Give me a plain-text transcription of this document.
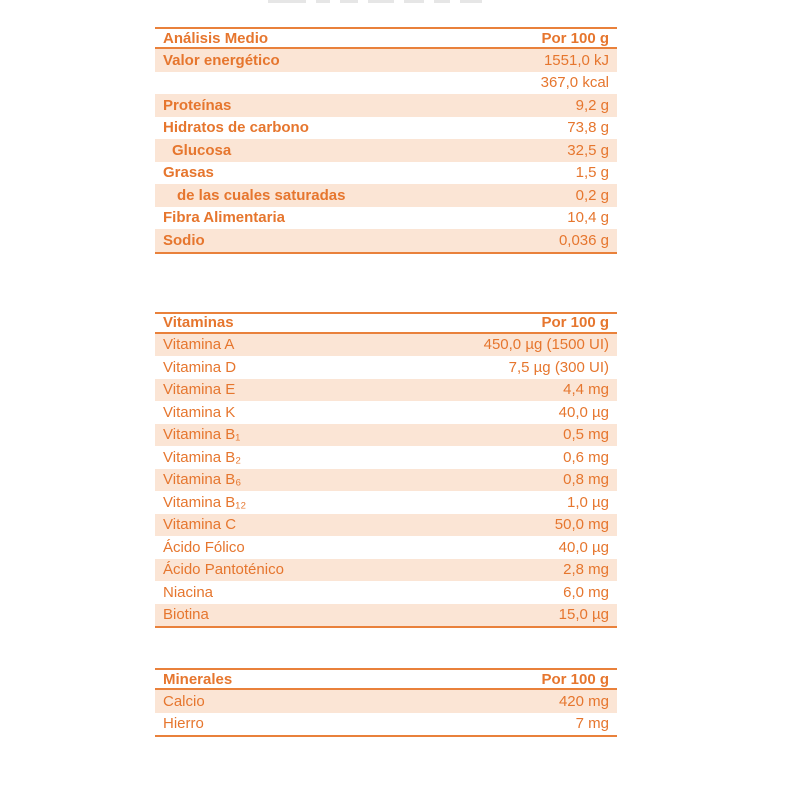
Análisis Medio	Por 100 g
Valor energético	1551,0 kJ
367,0 kcal
Proteínas	9,2 g
Hidratos de carbono	73,8 g
Glucosa	32,5 g
Grasas	1,5 g
de las cuales saturadas	0,2 g
Fibra Alimentaria	10,4 g
Sodio	0,036 g
Vitaminas	Por 100 g
Vitamina A	450,0 µg (1500 UI)
Vitamina D	7,5 µg (300 UI)
Vitamina E	4,4 mg
Vitamina K	40,0 µg
Vitamina B₁	0,5 mg
Vitamina B₂	0,6 mg
Vitamina B₆	0,8 mg
Vitamina B₁₂	1,0 µg
Vitamina C	50,0 mg
Ácido Fólico	40,0 µg
Ácido Pantoténico	2,8 mg
Niacina	6,0 mg
Biotina	15,0 µg
Minerales	Por 100 g
Calcio	420 mg
Hierro	7 mg
